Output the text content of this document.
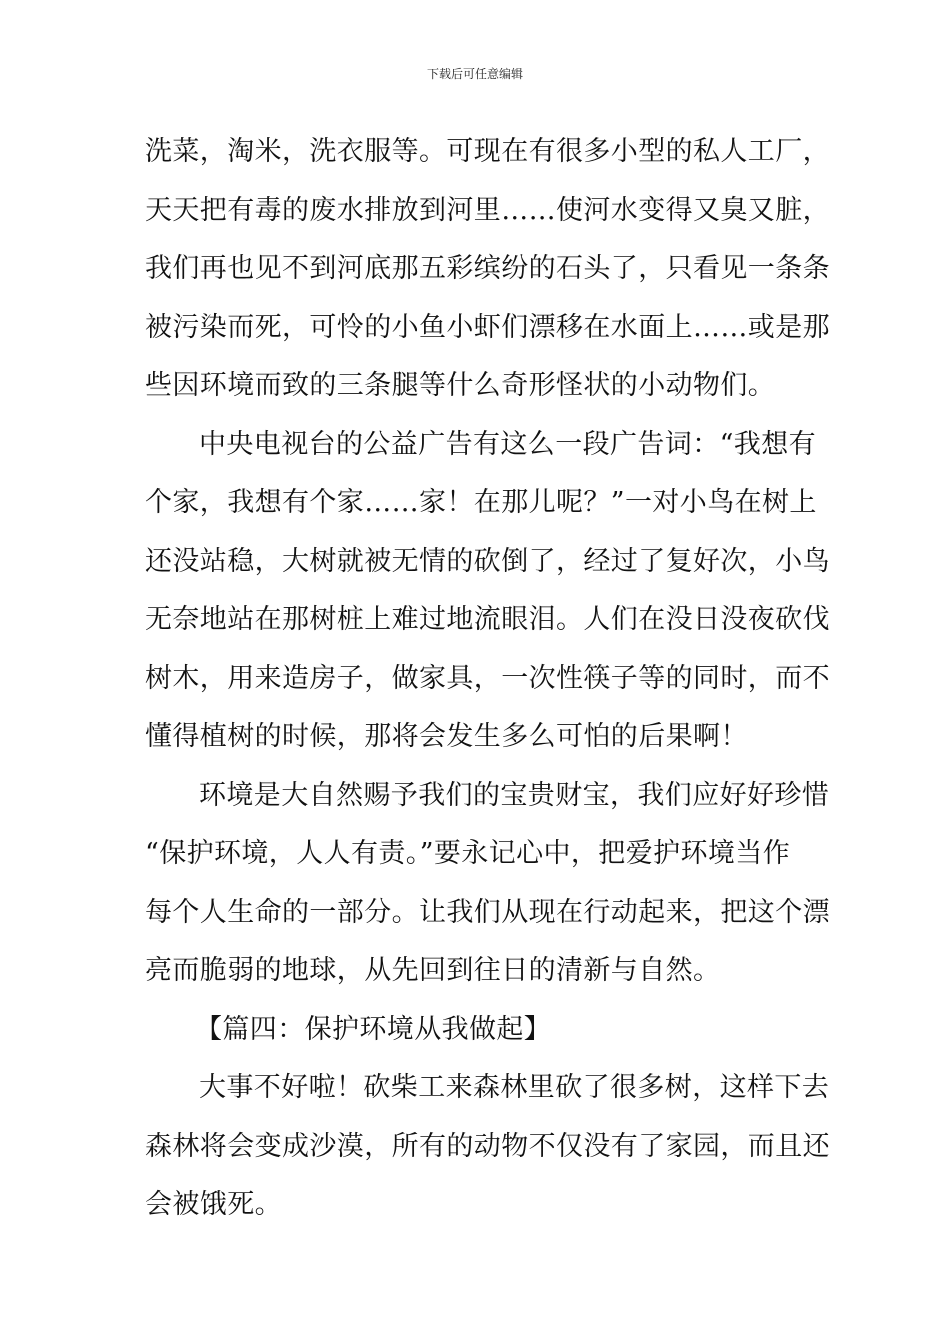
下载后可任意编辑
洗菜，淘米，洗衣服等。可现在有很多小型的私人工厂，
天天把有毒的废水排放到河里……使河水变得又臭又脏，
我们再也见不到河底那五彩缤纷的石头了，只看见一条条
被污染而死，可怜的小鱼小虾们漂移在水面上……或是那
些因环境而致的三条腿等什么奇形怪状的小动物们。
中央电视台的公益广告有这么一段广告词：“我想有
个家，我想有个家……家！在那儿呢？”一对小鸟在树上
还没站稳，大树就被无情的砍倒了，经过了复好次，小鸟
无奈地站在那树桩上难过地流眼泪。人们在没日没夜砍伐
树木，用来造房子，做家具，一次性筷子等的同时，而不
懂得植树的时候，那将会发生多么可怕的后果啊！
环境是大自然赐予我们的宝贵财宝，我们应好好珍惜
“保护环境，人人有责。”要永记心中，把爱护环境当作
每个人生命的一部分。让我们从现在行动起来，把这个漂
亮而脆弱的地球，从先回到往日的清新与自然。
【篇四：保护环境从我做起】
大事不好啦！砍柴工来森林里砍了很多树，这样下去
森林将会变成沙漠，所有的动物不仅没有了家园，而且还
会被饿死。
